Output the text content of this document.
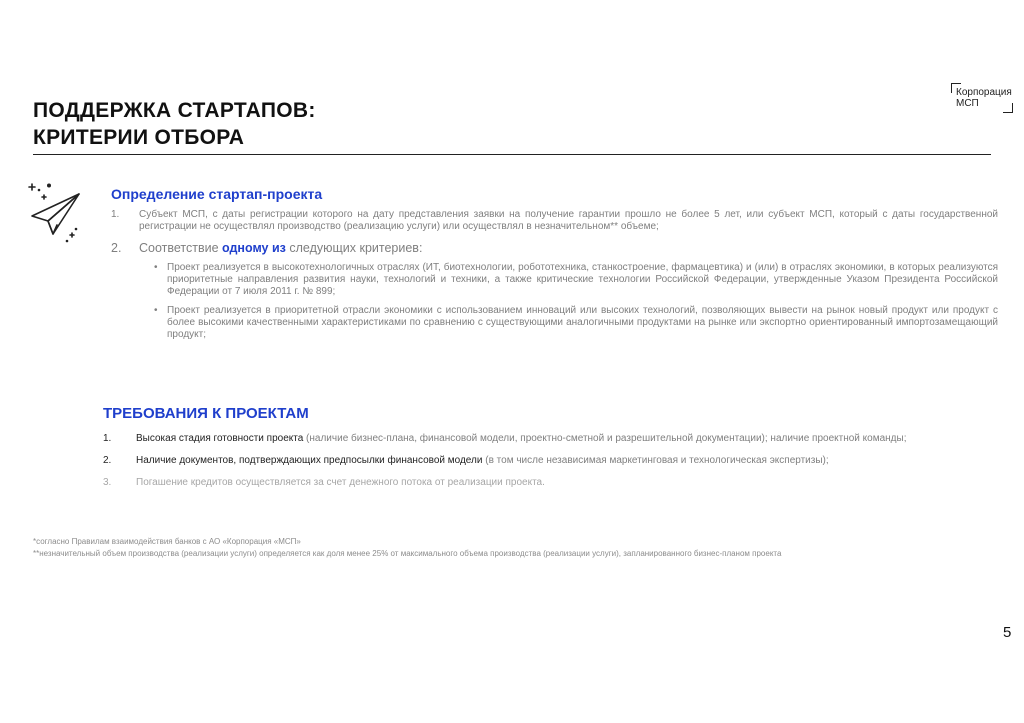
ПОДДЕРЖКА СТАРТАПОВ:
КРИТЕРИИ ОТБОРА
Корпорация
МСП
Определение стартап-проекта
1. Субъект МСП, с даты регистрации которого на дату представления заявки на получение гарантии прошло не более 5 лет, или субъект МСП, который с даты государственной регистрации не осуществлял производство (реализацию услуги) или осуществлял в незначительном** объеме;
2. Соответствие одному из следующих критериев:
• Проект реализуется в высокотехнологичных отраслях (ИТ, биотехнологии, робототехника, станкостроение, фармацевтика) и (или) в отраслях экономики, в которых реализуются приоритетные направления развития науки, технологий и техники, а также критические технологии Российской Федерации, утвержденные Указом Президента Российской Федерации от 7 июля 2011 г. № 899;
• Проект реализуется в приоритетной отрасли экономики с использованием инноваций или высоких технологий, позволяющих вывести на рынок новый продукт или продукт с более высокими качественными характеристиками по сравнению с существующими аналогичными продуктами на рынке или экспортно ориентированный импортозамещающий продукт;
ТРЕБОВАНИЯ К ПРОЕКТАМ
1. Высокая стадия готовности проекта (наличие бизнес-плана, финансовой модели, проектно-сметной и разрешительной документации); наличие проектной команды;
2. Наличие документов, подтверждающих предпосылки финансовой модели (в том числе независимая маркетинговая и технологическая экспертизы);
3. Погашение кредитов осуществляется за счет денежного потока от реализации проекта.
*согласно Правилам взаимодействия банков с АО «Корпорация «МСП»
**незначительный объем производства (реализации услуги) определяется как доля менее 25% от максимального объема производства (реализации услуги), запланированного бизнес-планом проекта
5
